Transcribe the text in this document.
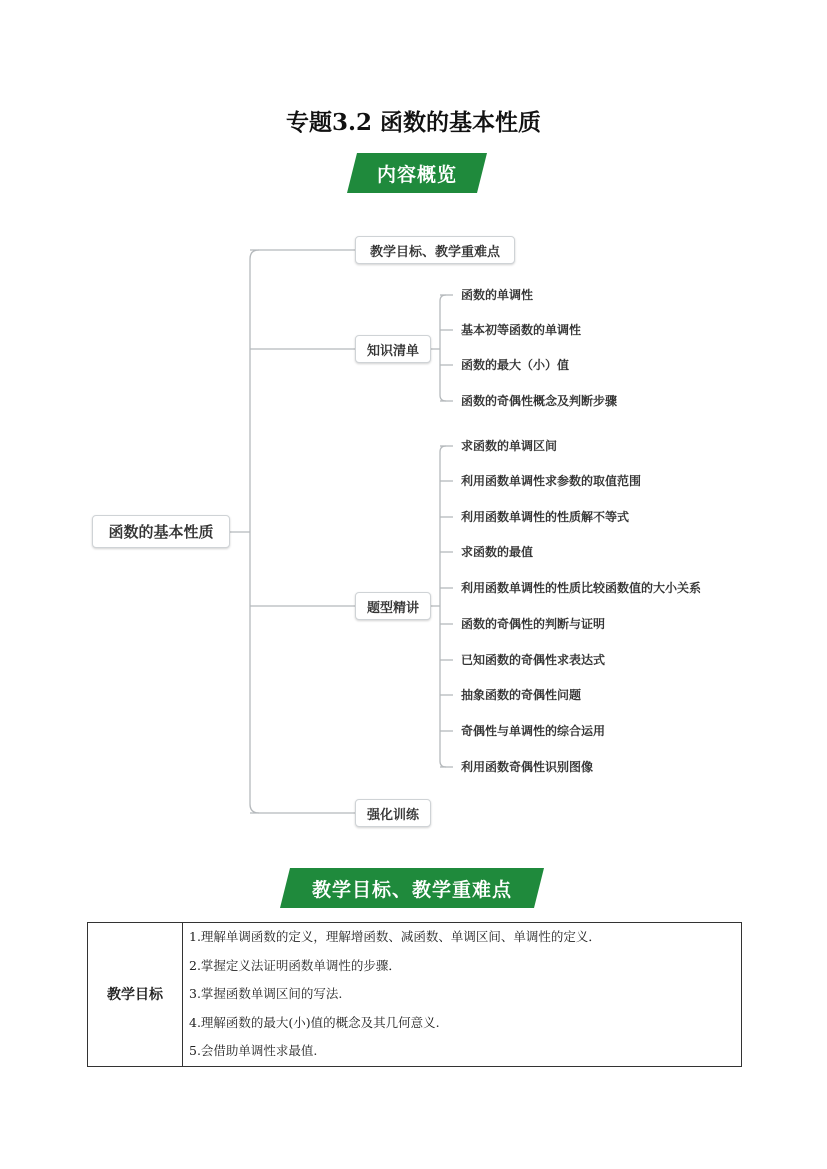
专题3.2 函数的基本性质
内容概览
教学目标、教学重难点
教学目标	
1.理解单调函数的定义，理解增函数、减函数、单调区间、单调性的定义．
2.掌握定义法证明函数单调性的步骤．
3.掌握函数单调区间的写法.
4.理解函数的最大(小)值的概念及其几何意义.
5.会借助单调性求最值.
函数的基本性质
教学目标、教学重难点
知识清单
函数的单调性
基本初等函数的单调性
函数的最大（小）值
函数的奇偶性概念及判断步骤
题型精讲
求函数的单调区间
利用函数单调性求参数的取值范围
利用函数单调性的性质解不等式
求函数的最值
利用函数单调性的性质比较函数值的大小关系
函数的奇偶性的判断与证明
已知函数的奇偶性求表达式
抽象函数的奇偶性问题
奇偶性与单调性的综合运用
利用函数奇偶性识别图像
强化训练
